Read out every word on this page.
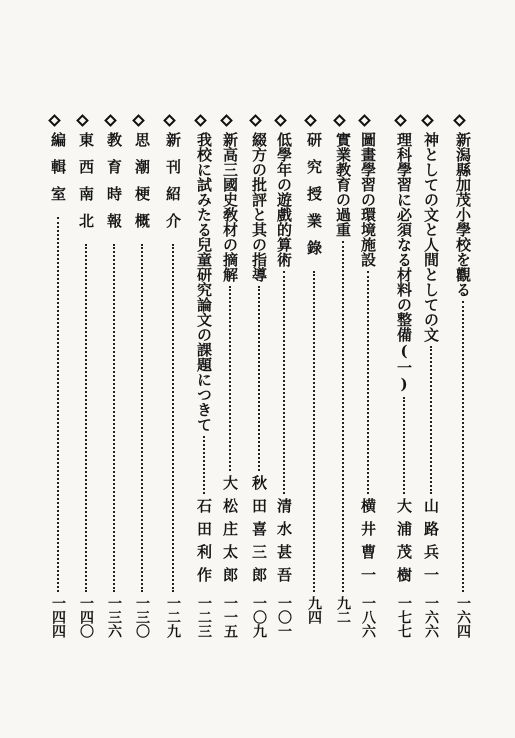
新潟縣加茂小學校を觀る
一六四
神としての文と人間としての文
山路兵一
一六六
理科學習に必須なる材料の整備(一)
大浦茂樹
一七七
圖畫學習の環境施設
横井曹一
一八六
實業教育の過重
九二
研究授業錄
九四
低學年の遊戲的算術
清水甚吾
一〇一
綴方の批評と其の指導
秋田喜三郎
一〇九
新高三國史敎材の摘解
大松庄太郎
一一五
我校に試みたる兒童研究論文の課題につきて
石田利作
一二三
新刊紹介
一二九
思潮梗概
一三〇
教育時報
一三六
東西南北
一四〇
編輯室
一四四
